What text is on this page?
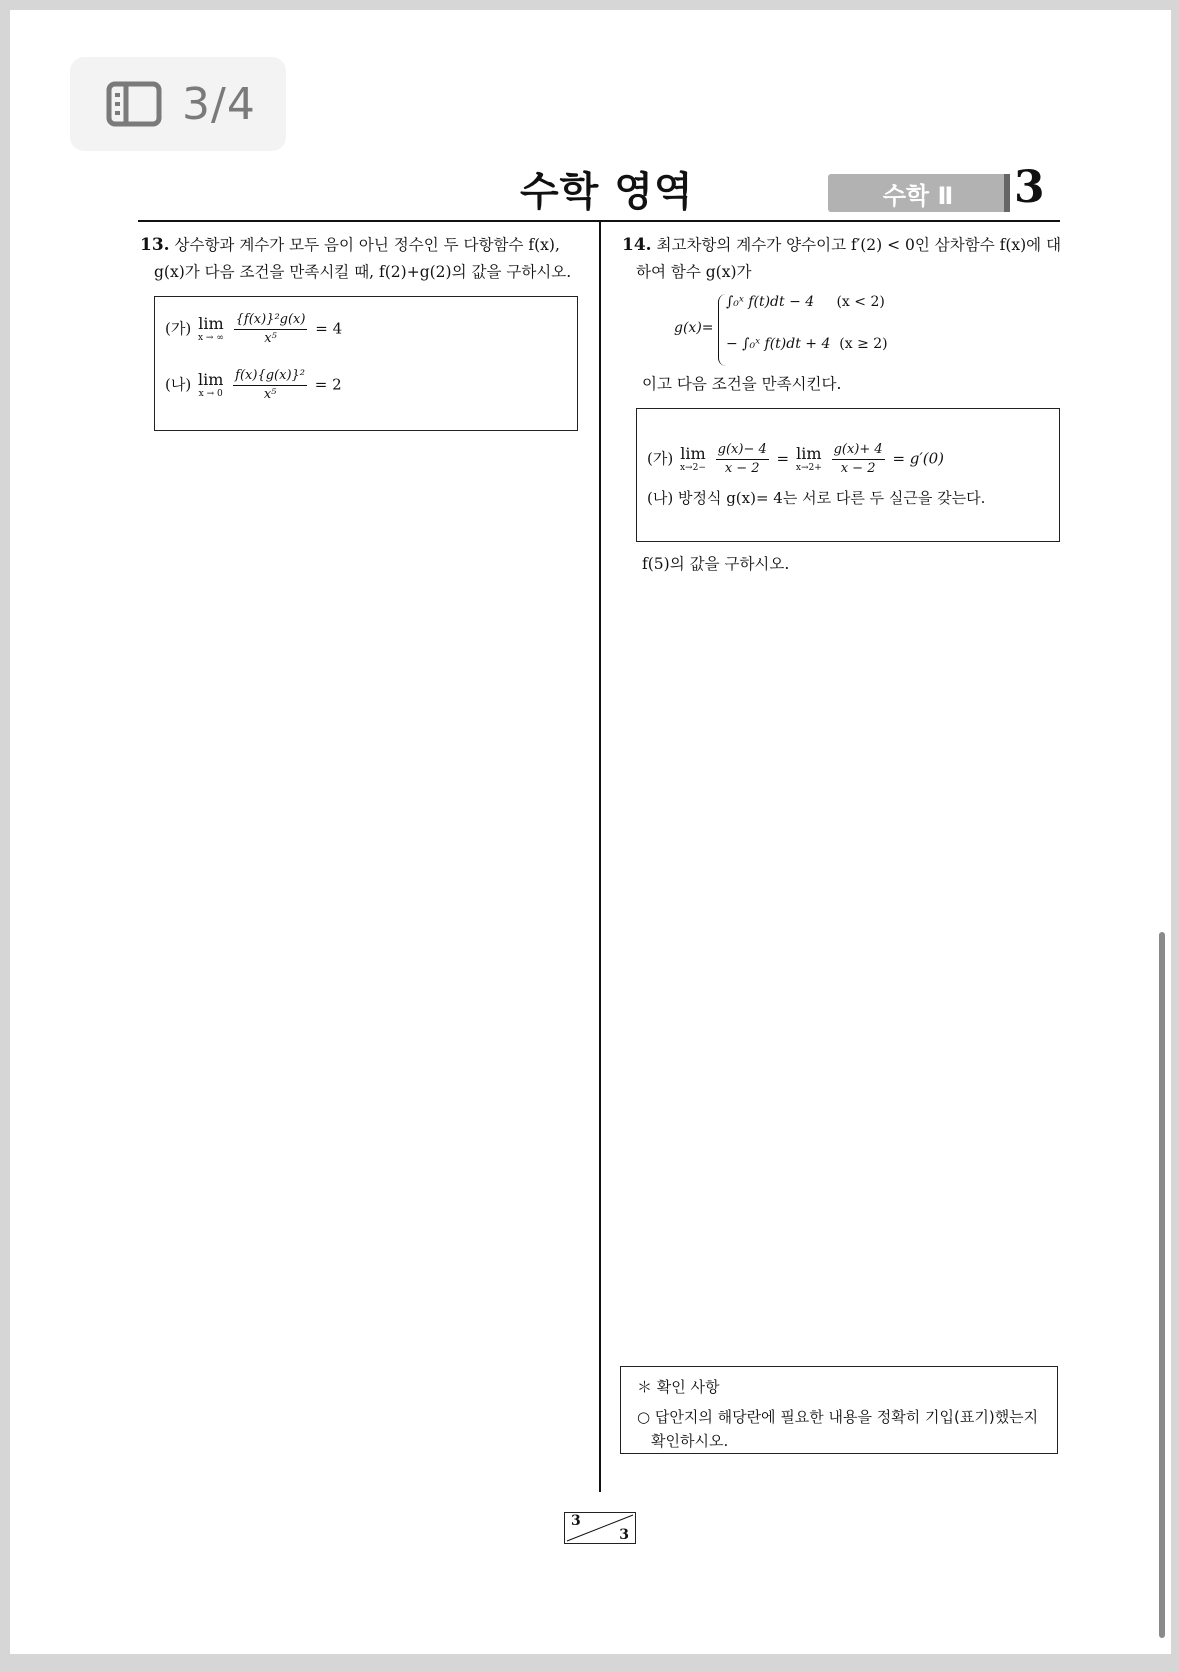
3/4
수학 영역	수학 Ⅱ	3
13. 상수항과 계수가 모두 음이 아닌 정수인 두 다항함수 f(x),
g(x)가 다음 조건을 만족시킬 때, f(2)+g(2)의 값을 구하시오.
(가) lim
x → ∞
$\frac{\text{\{f(x)\}²g(x)}}{\text{x⁵}} = 4$
(나) lim
x → 0
$\frac{\text{f(x)\{g(x)\}²}}{\text{x⁵}} = 2$
14. 최고차항의 계수가 양수이고 f′(2) < 0인 삼차함수 f(x)에 대
하여 함수 g(x)가
g(x)=
∫₀ˣ f(t)dt − 4 (x < 2)
− ∫₀ˣ f(t)dt + 4 (x ≥ 2)
이고 다음 조건을 만족시킨다.
(가) lim
x→2−
$\frac{g(x)- 4}{x - 2} = \lim$
x→2+
$\frac{g(x)+ 4}{x - 2} = g'(0)$
(나) 방정식 g(x)= 4는 서로 다른 두 실근을 갖는다.
f(5)의 값을 구하시오.
＊ 확인 사항
○ 답안지의 해당란에 필요한 내용을 정확히 기입(표기)했는지 확인하시오.
3
3
